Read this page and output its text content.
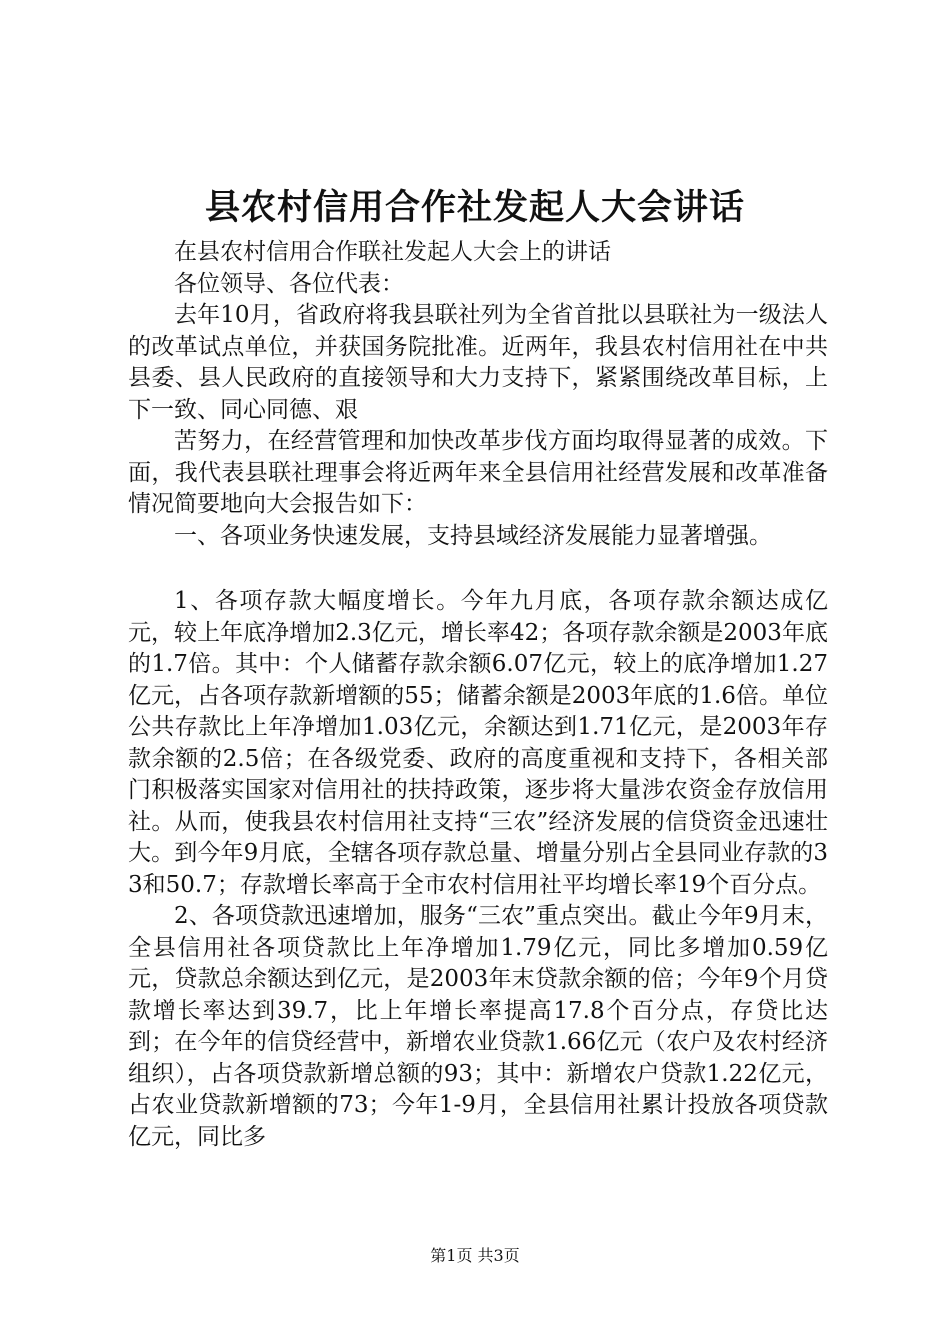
县农村信用合作社发起人大会讲话

在县农村信用合作联社发起人大会上的讲话

各位领导、各位代表：

去年10月，省政府将我县联社列为全省首批以县联社为一级法人的改革试点单位，并获国务院批准。近两年，我县农村信用社在中共县委、县人民政府的直接领导和大力支持下，紧紧围绕改革目标，上下一致、同心同德、艰

苦努力，在经营管理和加快改革步伐方面均取得显著的成效。下面，我代表县联社理事会将近两年来全县信用社经营发展和改革准备情况简要地向大会报告如下：

一、各项业务快速发展，支持县域经济发展能力显著增强。

1、各项存款大幅度增长。今年九月底，各项存款余额达成亿元，较上年底净增加2.3亿元，增长率42；各项存款余额是2003年底的1.7倍。其中：个人储蓄存款余额6.07亿元，较上的底净增加1.27亿元，占各项存款新增额的55；储蓄余额是2003年底的1.6倍。单位公共存款比上年净增加1.03亿元，余额达到1.71亿元，是2003年存款余额的2.5倍；在各级党委、政府的高度重视和支持下，各相关部门积极落实国家对信用社的扶持政策，逐步将大量涉农资金存放信用社。从而，使我县农村信用社支持“三农”经济发展的信贷资金迅速壮大。到今年9月底，全辖各项存款总量、增量分别占全县同业存款的33和50.7；存款增长率高于全市农村信用社平均增长率19个百分点。

2、各项贷款迅速增加，服务“三农”重点突出。截止今年9月末，全县信用社各项贷款比上年净增加1.79亿元，同比多增加0.59亿元，贷款总余额达到亿元，是2003年末贷款余额的倍；今年9个月贷款增长率达到39.7，比上年增长率提高17.8个百分点，存贷比达到；在今年的信贷经营中，新增农业贷款1.66亿元（农户及农村经济组织），占各项贷款新增总额的93；其中：新增农户贷款1.22亿元，占农业贷款新增额的73；今年1-9月，全县信用社累计投放各项贷款亿元，同比多

第1页 共3页
